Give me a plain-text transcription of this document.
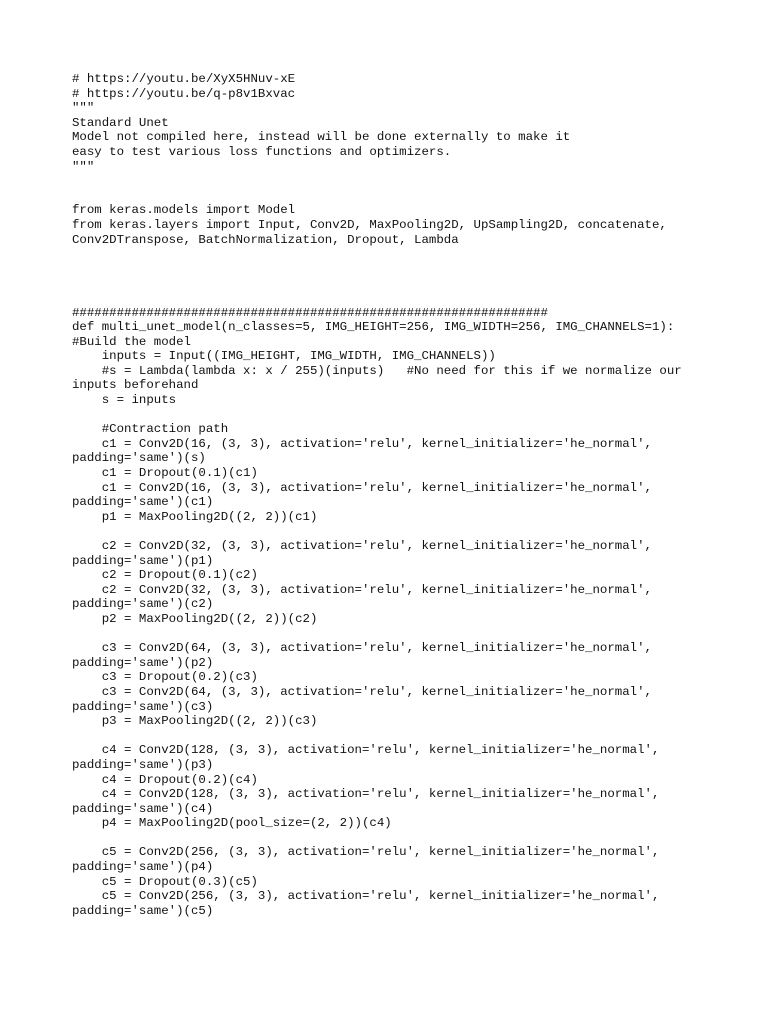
# https://youtu.be/XyX5HNuv-xE
# https://youtu.be/q-p8v1Bxvac
"""
Standard Unet
Model not compiled here, instead will be done externally to make it
easy to test various loss functions and optimizers.
"""
from keras.models import Model
from keras.layers import Input, Conv2D, MaxPooling2D, UpSampling2D, concatenate,
Conv2DTranspose, BatchNormalization, Dropout, Lambda
################################################################
def multi_unet_model(n_classes=5, IMG_HEIGHT=256, IMG_WIDTH=256, IMG_CHANNELS=1):
#Build the model
inputs = Input((IMG_HEIGHT, IMG_WIDTH, IMG_CHANNELS))
#s = Lambda(lambda x: x / 255)(inputs)   #No need for this if we normalize our
inputs beforehand
s = inputs
#Contraction path
c1 = Conv2D(16, (3, 3), activation='relu', kernel_initializer='he_normal',
padding='same')(s)
c1 = Dropout(0.1)(c1)
c1 = Conv2D(16, (3, 3), activation='relu', kernel_initializer='he_normal',
padding='same')(c1)
p1 = MaxPooling2D((2, 2))(c1)
c2 = Conv2D(32, (3, 3), activation='relu', kernel_initializer='he_normal',
padding='same')(p1)
c2 = Dropout(0.1)(c2)
c2 = Conv2D(32, (3, 3), activation='relu', kernel_initializer='he_normal',
padding='same')(c2)
p2 = MaxPooling2D((2, 2))(c2)
c3 = Conv2D(64, (3, 3), activation='relu', kernel_initializer='he_normal',
padding='same')(p2)
c3 = Dropout(0.2)(c3)
c3 = Conv2D(64, (3, 3), activation='relu', kernel_initializer='he_normal',
padding='same')(c3)
p3 = MaxPooling2D((2, 2))(c3)
c4 = Conv2D(128, (3, 3), activation='relu', kernel_initializer='he_normal',
padding='same')(p3)
c4 = Dropout(0.2)(c4)
c4 = Conv2D(128, (3, 3), activation='relu', kernel_initializer='he_normal',
padding='same')(c4)
p4 = MaxPooling2D(pool_size=(2, 2))(c4)
c5 = Conv2D(256, (3, 3), activation='relu', kernel_initializer='he_normal',
padding='same')(p4)
c5 = Dropout(0.3)(c5)
c5 = Conv2D(256, (3, 3), activation='relu', kernel_initializer='he_normal',
padding='same')(c5)
